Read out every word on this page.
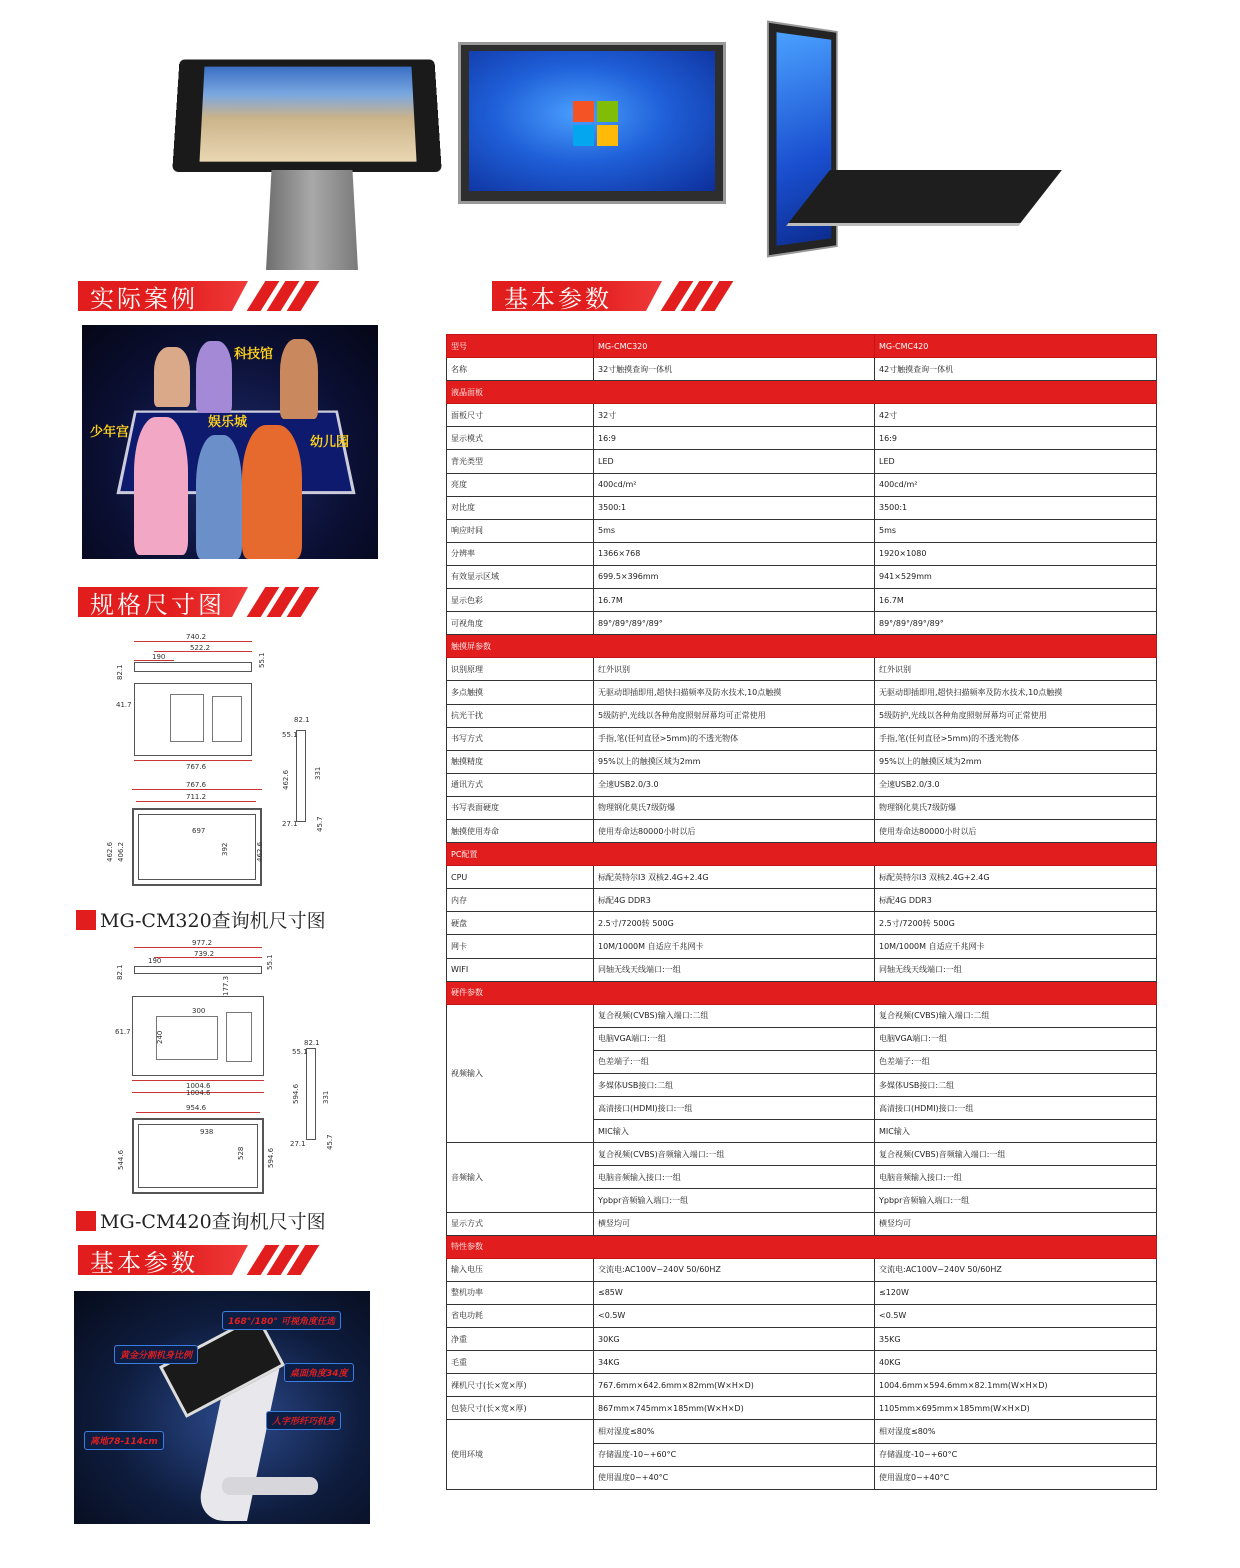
实际案例	基本参数
规格尺寸图
基本参数
科技馆
少年宫
娱乐城
幼儿园
740.2
522.2
190	55.1
82.1
41.7
767.6
82.1
55.1
462.6	331
27.1	45.7
767.6
711.2
697
392
406.2
462.6	462.6
MG-CM320查询机尺寸图
977.2
739.2
190	55.1
82.1
177.3
300
240
61.7
1004.6
82.1
55.1
594.6	331
27.1	45.7
1004.6
954.6
938
528
544.6	594.6
MG-CM420查询机尺寸图
168°/180° 可视角度任选
黄金分割机身比例
桌面角度34度
人字形纤巧机身
离地78-114cm
型号	MG-CMC320	MG-CMC420
名称	32寸触摸查询一体机	42寸触摸查询一体机
液晶面板		
面板尺寸	32寸	42寸
显示模式	16:9	16:9
背光类型	LED	LED
亮度	400cd/m²	400cd/m²
对比度	3500:1	3500:1
响应时间	5ms	5ms
分辨率	1366×768	1920×1080
有效显示区域	699.5×396mm	941×529mm
显示色彩	16.7M	16.7M
可视角度	89°/89°/89°/89°	89°/89°/89°/89°
触摸屏参数		
识别原理	红外识别	红外识别
多点触摸	无驱动即插即用,超快扫描频率及防水技术,10点触摸	无驱动即插即用,超快扫描频率及防水技术,10点触摸
抗光干扰	5级防护,光线以各种角度照射屏幕均可正常使用	5级防护,光线以各种角度照射屏幕均可正常使用
书写方式	手指,笔(任何直径>5mm)的不透光物体	手指,笔(任何直径>5mm)的不透光物体
触摸精度	95%以上的触摸区域为2mm	95%以上的触摸区域为2mm
通讯方式	全速USB2.0/3.0	全速USB2.0/3.0
书写表面硬度	物理钢化莫氏7级防爆	物理钢化莫氏7级防爆
触摸使用寿命	使用寿命达80000小时以后	使用寿命达80000小时以后
PC配置		
CPU	标配英特尔I3 双核2.4G+2.4G	标配英特尔I3 双核2.4G+2.4G
内存	标配4G DDR3	标配4G DDR3
硬盘	2.5寸/7200转 500G	2.5寸/7200转 500G
网卡	10M/1000M 自适应千兆网卡	10M/1000M 自适应千兆网卡
WIFI	同轴无线天线端口:一组	同轴无线天线端口:一组
硬件参数		
视频输入	复合视频(CVBS)输入端口:二组	复合视频(CVBS)输入端口:二组
	电脑VGA端口:一组	电脑VGA端口:一组
	色差端子:一组	色差端子:一组
	多媒体USB接口:二组	多媒体USB接口:二组
	高清接口(HDMI)接口:一组	高清接口(HDMI)接口:一组
	MIC输入	MIC输入
音频输入	复合视频(CVBS)音频输入端口:一组	复合视频(CVBS)音频输入端口:一组
	电脑音频输入接口:一组	电脑音频输入接口:一组
	Ypbpr音频输入端口:一组	Ypbpr音频输入端口:一组
显示方式	横竖均可	横竖均可
特性参数		
输入电压	交流电:AC100V~240V 50/60HZ	交流电:AC100V~240V 50/60HZ
整机功率	≤85W	≤120W
省电功耗	<0.5W	<0.5W
净重	30KG	35KG
毛重	34KG	40KG
裸机尺寸(长×宽×厚)	767.6mm×642.6mm×82mm(W×H×D)	1004.6mm×594.6mm×82.1mm(W×H×D)
包装尺寸(长×宽×厚)	867mm×745mm×185mm(W×H×D)	1105mm×695mm×185mm(W×H×D)
使用环境	相对湿度≤80%	相对湿度≤80%
	存储温度-10~+60°C	存储温度-10~+60°C
	使用温度0~+40°C	使用温度0~+40°C
